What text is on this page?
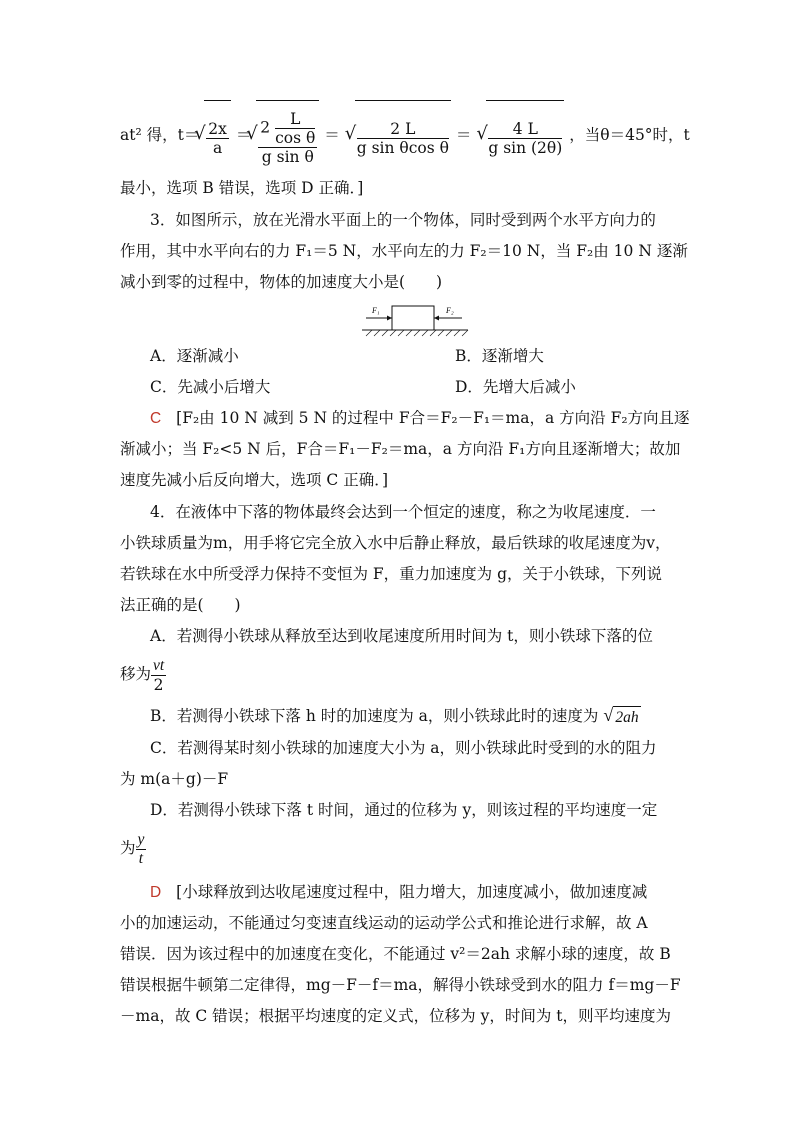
at² 得，t＝ √ $\frac{2x}{a}$ ＝ √ $\frac{2 \frac{L}{\text{cos θ}}}{\text{g sin θ}}$ ＝ √ $\frac{2 L}{\text{g sin θcos θ}}$ ＝ √ $\frac{4 L}{\text{g sin (2θ)}}$ ，当θ＝45°时，t
最小，选项 B 错误，选项 D 正确．]
3．如图所示，放在光滑水平面上的一个物体，同时受到两个水平方向力的
作用，其中水平向右的力 F₁＝5 N，水平向左的力 F₂＝10 N，当 F₂由 10 N 逐渐
减小到零的过程中，物体的加速度大小是(　　)
F₁	F₂
A．逐渐减小	B．逐渐增大
C．先减小后增大	D．先增大后减小
C [F₂由 10 N 减到 5 N 的过程中 F合＝F₂－F₁＝ma，a 方向沿 F₂方向且逐
渐减小；当 F₂<5 N 后，F合＝F₁－F₂＝ma，a 方向沿 F₁方向且逐渐增大；故加
速度先减小后反向增大，选项 C 正确．]
4．在液体中下落的物体最终会达到一个恒定的速度，称之为收尾速度．一
小铁球质量为m，用手将它完全放入水中后静止释放，最后铁球的收尾速度为v，
若铁球在水中所受浮力保持不变恒为 F，重力加速度为 g，关于小铁球，下列说
法正确的是(　　)
A．若测得小铁球从释放至达到收尾速度所用时间为 t，则小铁球下落的位
移为 $\frac{vt}{2}$
B．若测得小铁球下落 h 时的加速度为 a，则小铁球此时的速度为 √ 2ah
C．若测得某时刻小铁球的加速度大小为 a，则小铁球此时受到的水的阻力
为 m(a＋g)－F
D．若测得小铁球下落 t 时间，通过的位移为 y，则该过程的平均速度一定
为 $\frac{y}{t}$
D [小球释放到达收尾速度过程中，阻力增大，加速度减小，做加速度减
小的加速运动，不能通过匀变速直线运动的运动学公式和推论进行求解，故 A
错误．因为该过程中的加速度在变化，不能通过 v²＝2ah 求解小球的速度，故 B
错误根据牛顿第二定律得，mg－F－f＝ma，解得小铁球受到水的阻力 f＝mg－F
－ma，故 C 错误；根据平均速度的定义式，位移为 y，时间为 t，则平均速度为
